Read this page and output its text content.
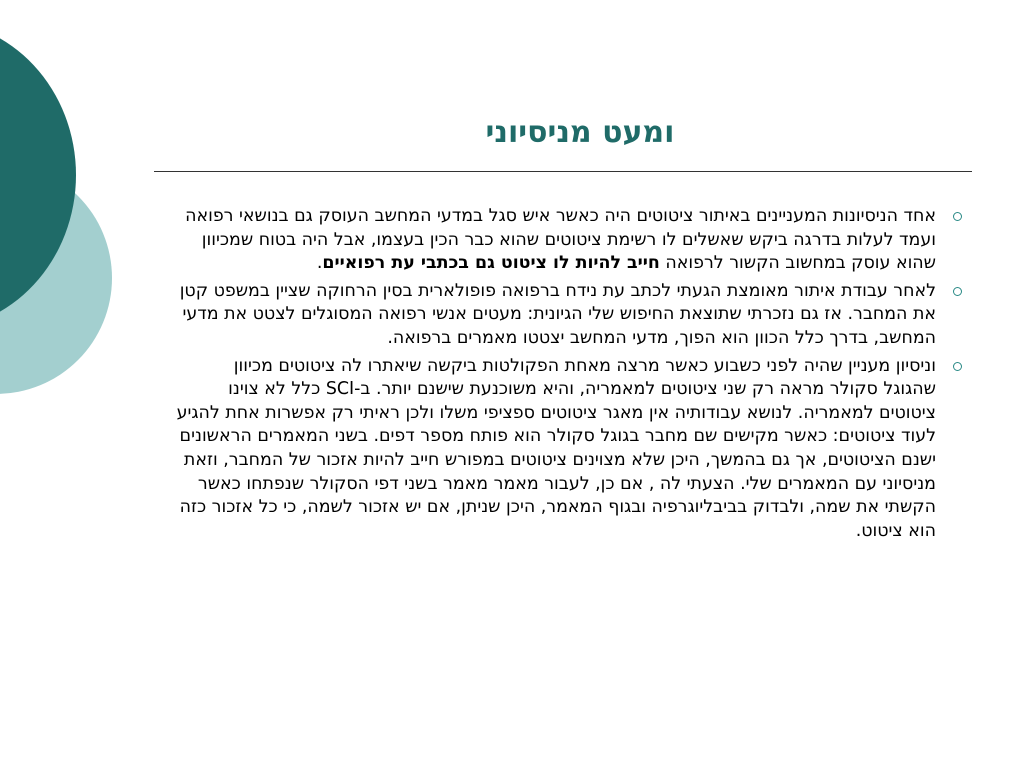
ומעט מניסיוני
אחד הניסיונות המעניינים באיתור ציטוטים היה כאשר איש סגל במדעי המחשב העוסק גם בנושאי רפואה ועמד לעלות בדרגה ביקש שאשלים לו רשימת ציטוטים שהוא כבר הכין בעצמו, אבל היה בטוח שמכיוון שהוא עוסק במחשוב הקשור לרפואה חייב להיות לו ציטוט גם בכתבי עת רפואיים.
לאחר עבודת איתור מאומצת הגעתי לכתב עת נידח ברפואה פופולארית בסין הרחוקה שציין במשפט קטן את המחבר. אז גם נזכרתי שתוצאת החיפוש שלי הגיונית: מעטים אנשי רפואה המסוגלים לצטט את מדעי המחשב, בדרך כלל הכוון הוא הפוך, מדעי המחשב יצטטו מאמרים ברפואה.
וניסיון מעניין שהיה לפני כשבוע כאשר מרצה מאחת הפקולטות ביקשה שיאתרו לה ציטוטים מכיוון שהגוגל סקולר מראה רק שני ציטוטים למאמריה, והיא משוכנעת שישנם יותר. ב-SCI כלל לא צוינו ציטוטים למאמריה. לנושא עבודותיה אין מאגר ציטוטים ספציפי משלו ולכן ראיתי רק אפשרות אחת להגיע לעוד ציטוטים: כאשר מקישים שם מחבר בגוגל סקולר הוא פותח מספר דפים. בשני המאמרים הראשונים ישנם הציטוטים, אך גם בהמשך, היכן שלא מצוינים ציטוטים במפורש חייב להיות אזכור של המחבר, וזאת מניסיוני עם המאמרים שלי. הצעתי לה , אם כן, לעבור מאמר מאמר בשני דפי הסקולר שנפתחו כאשר הקשתי את שמה, ולבדוק בביבליוגרפיה ובגוף המאמר, היכן שניתן, אם יש אזכור לשמה, כי כל אזכור כזה הוא ציטוט.
